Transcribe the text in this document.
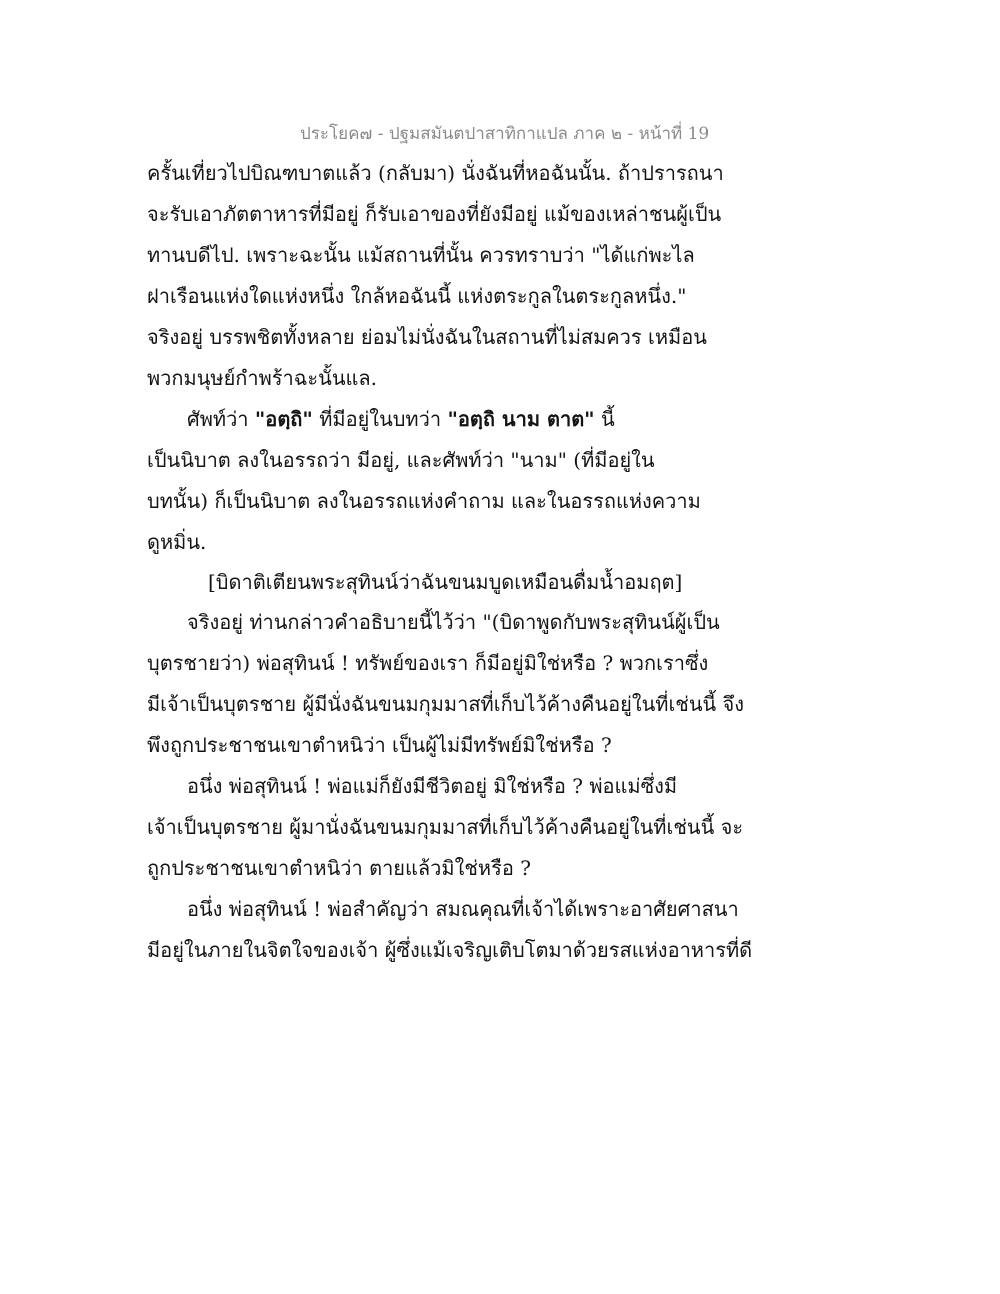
ประโยค๗ - ปฐมสมันตปาสาทิกาแปล ภาค ๒ - หน้าที่ 19
ครั้นเที่ยวไปบิณฑบาตแล้ว (กลับมา) นั่งฉันที่หอฉันนั้น. ถ้าปรารถนา
จะรับเอาภัตตาหารที่มีอยู่ ก็รับเอาของที่ยังมีอยู่ แม้ของเหล่าชนผู้เป็น
ทานบดีไป. เพราะฉะนั้น แม้สถานที่นั้น ควรทราบว่า "ได้แก่พะไล
ฝาเรือนแห่งใดแห่งหนึ่ง ใกล้หอฉันนี้ แห่งตระกูลในตระกูลหนึ่ง."
จริงอยู่ บรรพชิตทั้งหลาย ย่อมไม่นั่งฉันในสถานที่ไม่สมควร เหมือน
พวกมนุษย์กำพร้าฉะนั้นแล.
ศัพท์ว่า "อตฺถิ" ที่มีอยู่ในบทว่า "อตฺถิ นาม ตาต" นี้
เป็นนิบาต ลงในอรรถว่า มีอยู่, และศัพท์ว่า "นาม" (ที่มีอยู่ใน
บทนั้น) ก็เป็นนิบาต ลงในอรรถแห่งคำถาม และในอรรถแห่งความ
ดูหมิ่น.
[บิดาติเตียนพระสุทินน์ว่าฉันขนมบูดเหมือนดื่มน้ำอมฤต]
จริงอยู่ ท่านกล่าวคำอธิบายนี้ไว้ว่า "(บิดาพูดกับพระสุทินน์ผู้เป็น
บุตรชายว่า) พ่อสุทินน์ ! ทรัพย์ของเรา ก็มีอยู่มิใช่หรือ ? พวกเราซึ่ง
มีเจ้าเป็นบุตรชาย ผู้มีนั่งฉันขนมกุมมาสที่เก็บไว้ค้างคืนอยู่ในที่เช่นนี้ จึง
พึงถูกประชาชนเขาตำหนิว่า เป็นผู้ไม่มีทรัพย์มิใช่หรือ ?
อนึ่ง พ่อสุทินน์ ! พ่อแม่ก็ยังมีชีวิตอยู่ มิใช่หรือ ? พ่อแม่ซึ่งมี
เจ้าเป็นบุตรชาย ผู้มานั่งฉันขนมกุมมาสที่เก็บไว้ค้างคืนอยู่ในที่เช่นนี้ จะ
ถูกประชาชนเขาตำหนิว่า ตายแล้วมิใช่หรือ ?
อนึ่ง พ่อสุทินน์ ! พ่อสำคัญว่า สมณคุณที่เจ้าได้เพราะอาศัยศาสนา
มีอยู่ในภายในจิตใจของเจ้า ผู้ซึ่งแม้เจริญเติบโตมาด้วยรสแห่งอาหารที่ดี
